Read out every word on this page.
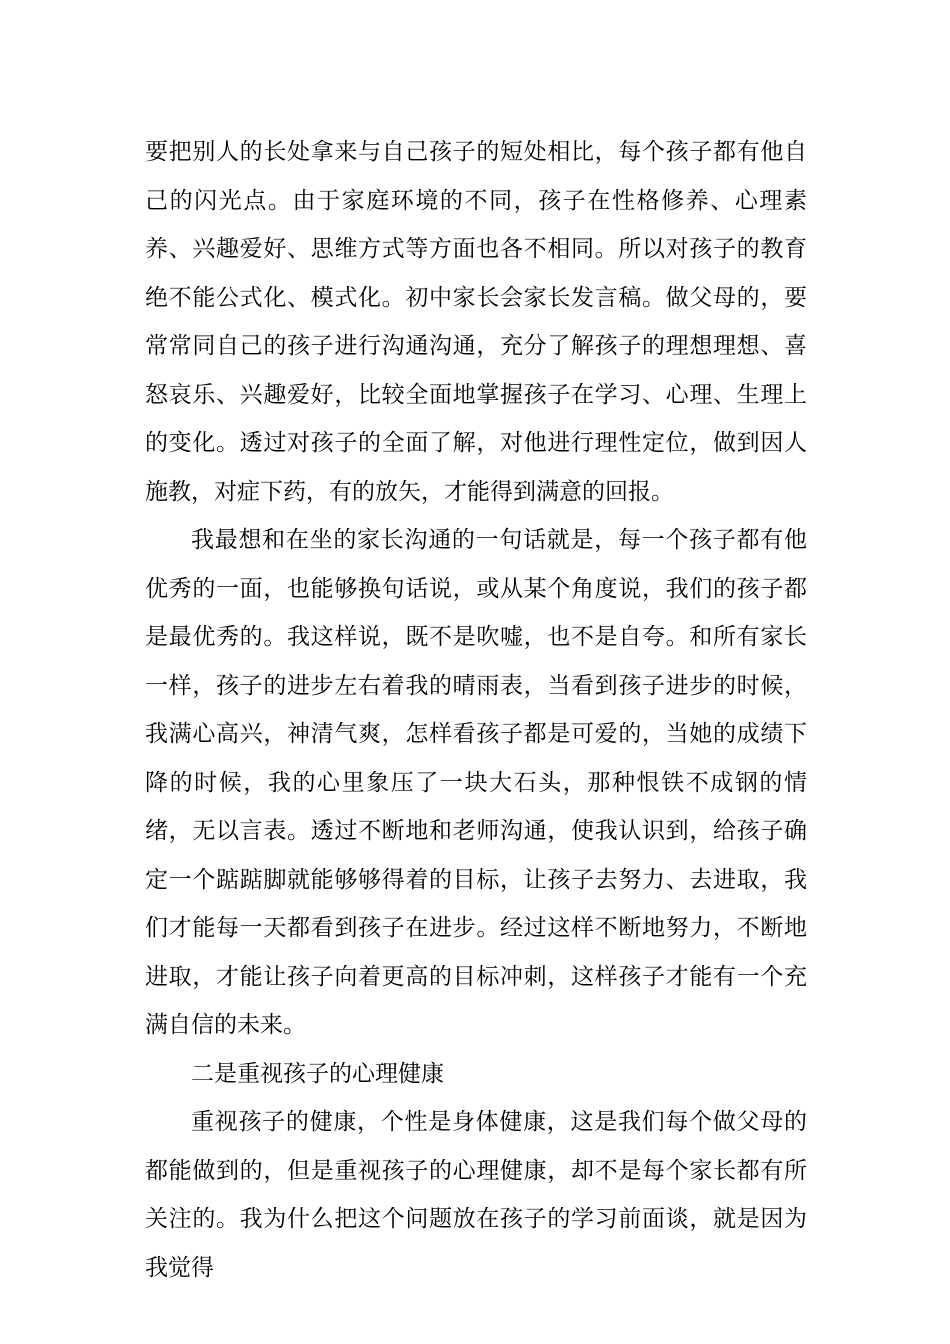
要把别人的长处拿来与自己孩子的短处相比，每个孩子都有他自己的闪光点。由于家庭环境的不同，孩子在性格修养、心理素养、兴趣爱好、思维方式等方面也各不相同。所以对孩子的教育绝不能公式化、模式化。初中家长会家长发言稿。做父母的，要常常同自己的孩子进行沟通沟通，充分了解孩子的理想理想、喜怒哀乐、兴趣爱好，比较全面地掌握孩子在学习、心理、生理上的变化。透过对孩子的全面了解，对他进行理性定位，做到因人施教，对症下药，有的放矢，才能得到满意的回报。

我最想和在坐的家长沟通的一句话就是，每一个孩子都有他优秀的一面，也能够换句话说，或从某个角度说，我们的孩子都是最优秀的。我这样说，既不是吹嘘，也不是自夸。和所有家长一样，孩子的进步左右着我的晴雨表，当看到孩子进步的时候，我满心高兴，神清气爽，怎样看孩子都是可爱的，当她的成绩下降的时候，我的心里象压了一块大石头，那种恨铁不成钢的情绪，无以言表。透过不断地和老师沟通，使我认识到，给孩子确定一个踮踮脚就能够够得着的目标，让孩子去努力、去进取，我们才能每一天都看到孩子在进步。经过这样不断地努力，不断地进取，才能让孩子向着更高的目标冲刺，这样孩子才能有一个充满自信的未来。

二是重视孩子的心理健康

重视孩子的健康，个性是身体健康，这是我们每个做父母的都能做到的，但是重视孩子的心理健康，却不是每个家长都有所关注的。我为什么把这个问题放在孩子的学习前面谈，就是因为我觉得
